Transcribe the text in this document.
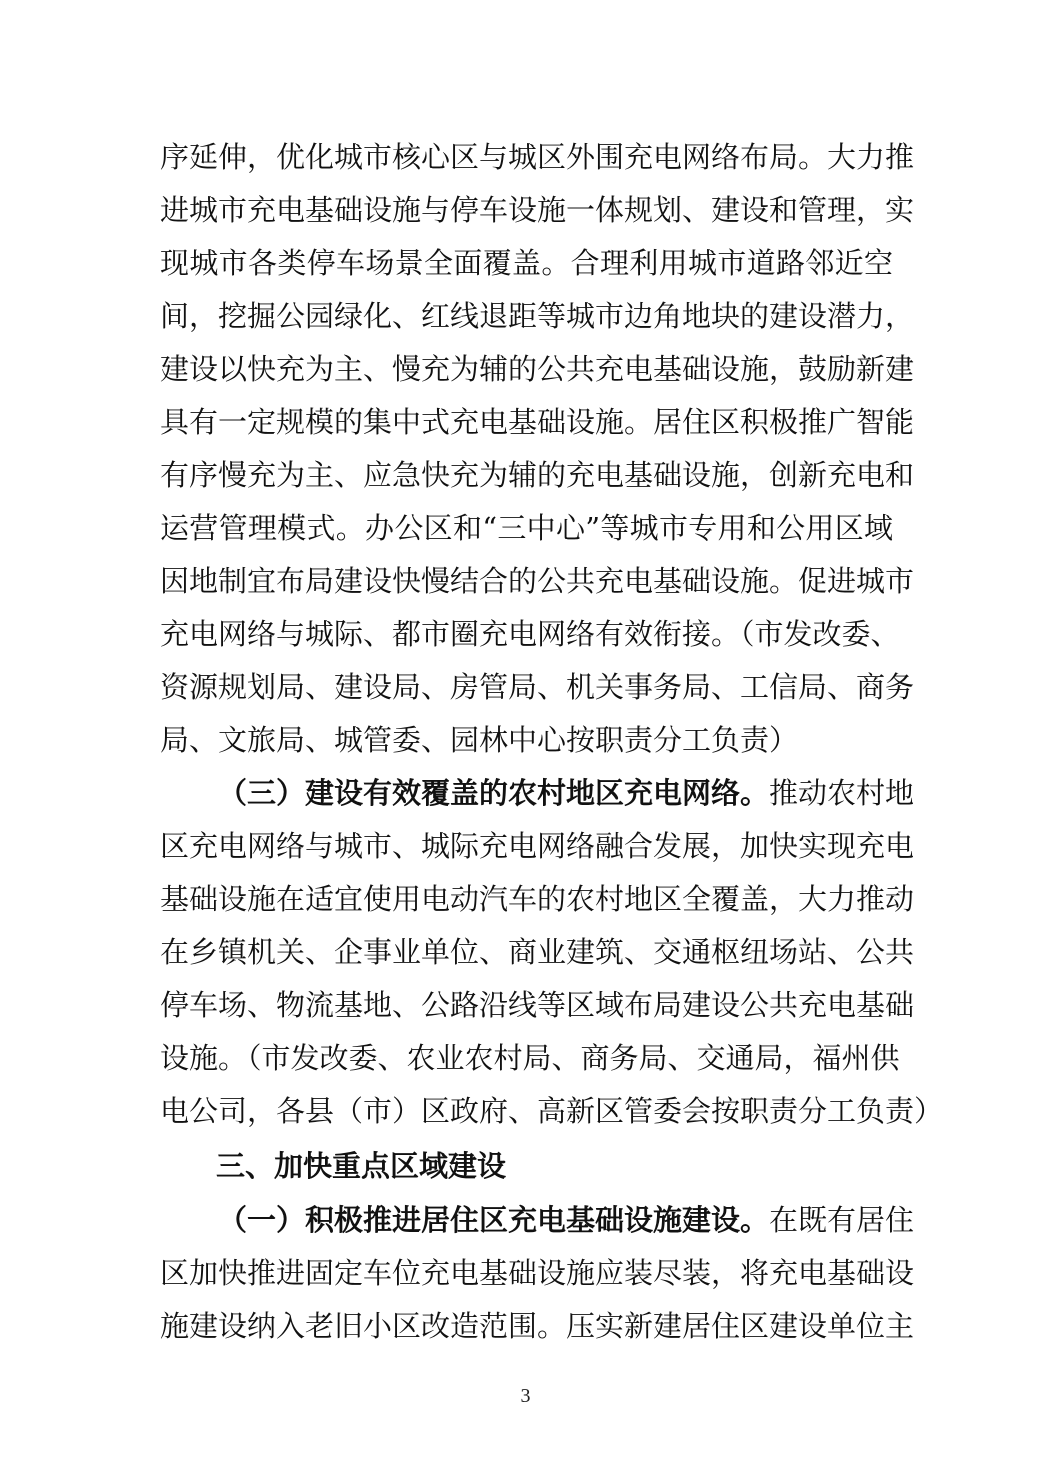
序延伸，优化城市核心区与城区外围充电网络布局。大力推
进城市充电基础设施与停车设施一体规划、建设和管理，实
现城市各类停车场景全面覆盖。合理利用城市道路邻近空
间，挖掘公园绿化、红线退距等城市边角地块的建设潜力，
建设以快充为主、慢充为辅的公共充电基础设施，鼓励新建
具有一定规模的集中式充电基础设施。居住区积极推广智能
有序慢充为主、应急快充为辅的充电基础设施，创新充电和
运营管理模式。办公区和“三中心”等城市专用和公用区域
因地制宜布局建设快慢结合的公共充电基础设施。促进城市
充电网络与城际、都市圈充电网络有效衔接。（市发改委、
资源规划局、建设局、房管局、机关事务局、工信局、商务
局、文旅局、城管委、园林中心按职责分工负责）
（三）建设有效覆盖的农村地区充电网络。推动农村地
区充电网络与城市、城际充电网络融合发展，加快实现充电
基础设施在适宜使用电动汽车的农村地区全覆盖，大力推动
在乡镇机关、企事业单位、商业建筑、交通枢纽场站、公共
停车场、物流基地、公路沿线等区域布局建设公共充电基础
设施。（市发改委、农业农村局、商务局、交通局，福州供
电公司，各县（市）区政府、高新区管委会按职责分工负责）
三、加快重点区域建设
（一）积极推进居住区充电基础设施建设。在既有居住
区加快推进固定车位充电基础设施应装尽装，将充电基础设
施建设纳入老旧小区改造范围。压实新建居住区建设单位主
3
